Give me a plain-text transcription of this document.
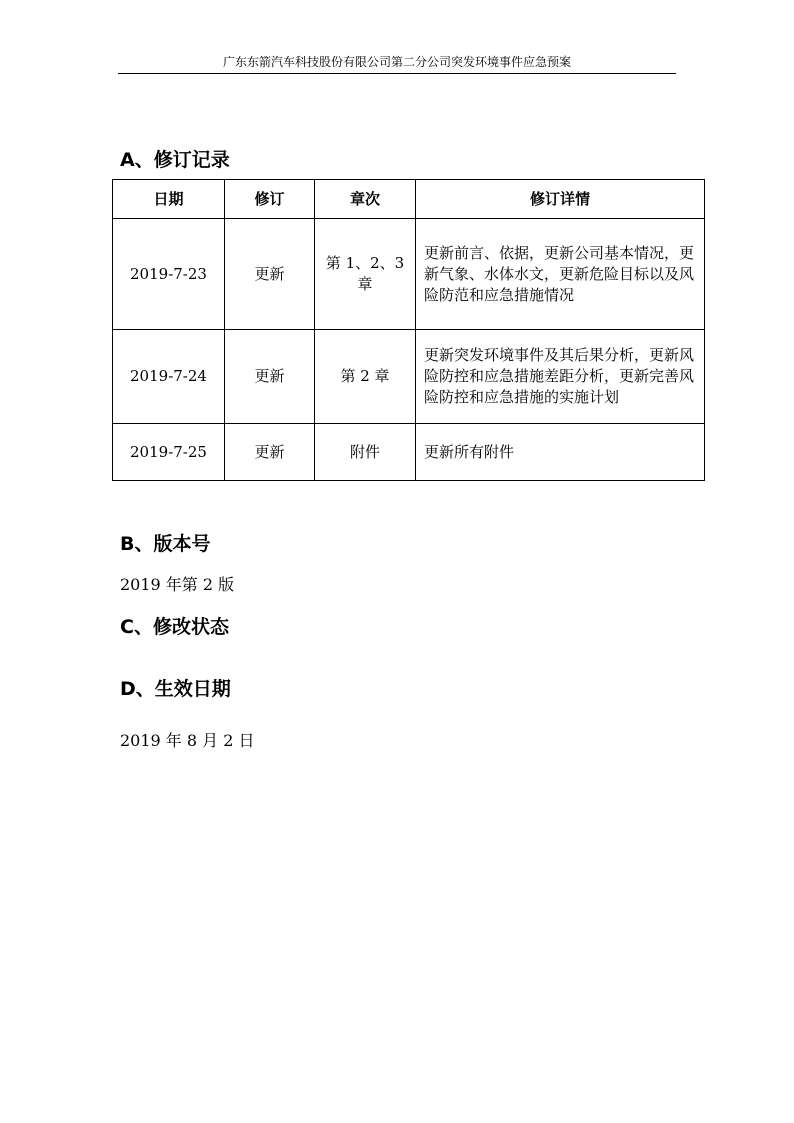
广东东箭汽车科技股份有限公司第二分公司突发环境事件应急预案
A、修订记录
日期	修订	章次	修订详情
2019-7-23	更新	第 1、2、3 章	更新前言、依据，更新公司基本情况，更新气象、水体水文，更新危险目标以及风险防范和应急措施情况
2019-7-24	更新	第 2 章	更新突发环境事件及其后果分析，更新风险防控和应急措施差距分析，更新完善风险防控和应急措施的实施计划
2019-7-25	更新	附件	更新所有附件
B、版本号
2019 年第 2 版
C、修改状态
D、生效日期
2019 年 8 月 2 日
